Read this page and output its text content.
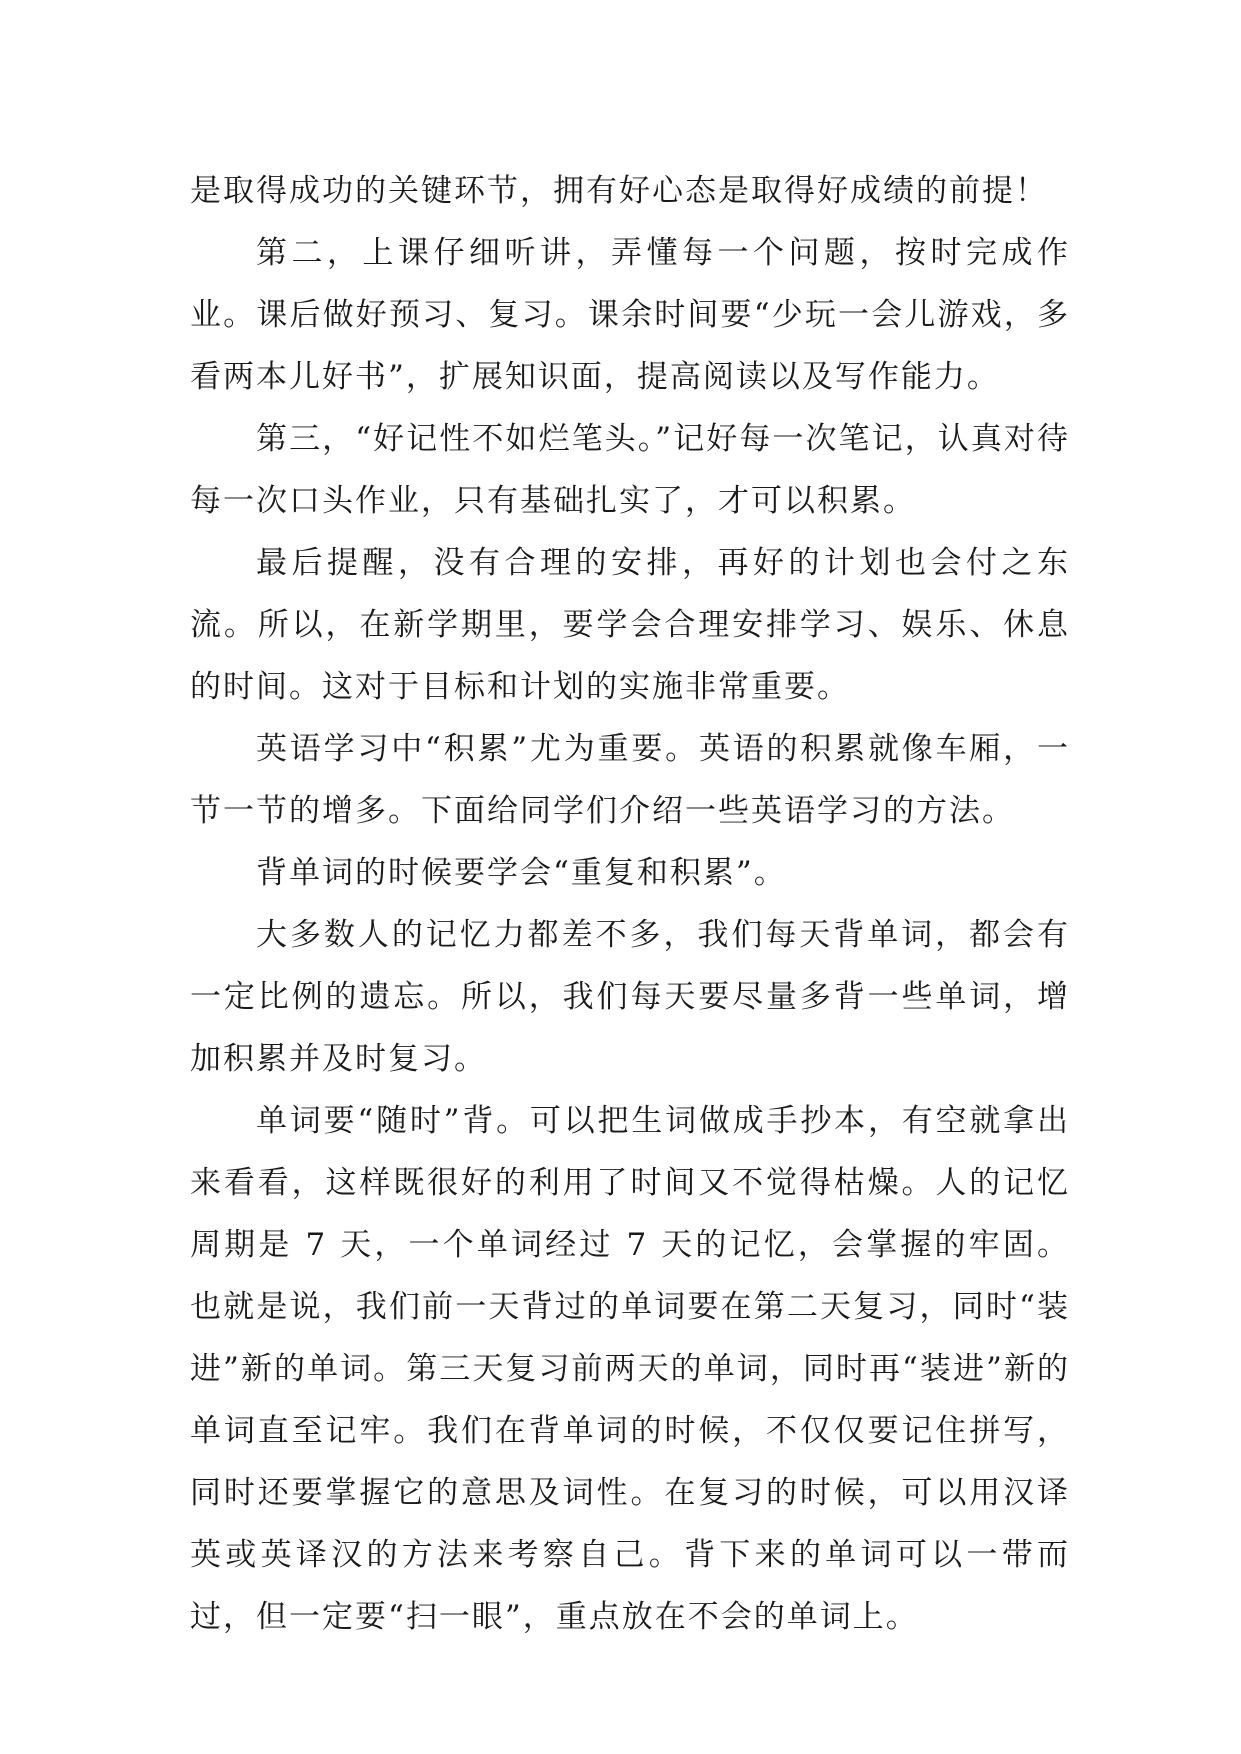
是取得成功的关键环节，拥有好心态是取得好成绩的前提！

第二，上课仔细听讲，弄懂每一个问题，按时完成作业。课后做好预习、复习。课余时间要“少玩一会儿游戏，多看两本儿好书”，扩展知识面，提高阅读以及写作能力。

第三，“好记性不如烂笔头。”记好每一次笔记，认真对待每一次口头作业，只有基础扎实了，才可以积累。

最后提醒，没有合理的安排，再好的计划也会付之东流。所以，在新学期里，要学会合理安排学习、娱乐、休息的时间。这对于目标和计划的实施非常重要。

英语学习中“积累”尤为重要。英语的积累就像车厢，一节一节的增多。下面给同学们介绍一些英语学习的方法。

背单词的时候要学会“重复和积累”。

大多数人的记忆力都差不多，我们每天背单词，都会有一定比例的遗忘。所以，我们每天要尽量多背一些单词，增加积累并及时复习。

单词要“随时”背。可以把生词做成手抄本，有空就拿出来看看，这样既很好的利用了时间又不觉得枯燥。人的记忆周期是 7 天，一个单词经过 7 天的记忆，会掌握的牢固。也就是说，我们前一天背过的单词要在第二天复习，同时“装进”新的单词。第三天复习前两天的单词，同时再“装进”新的单词直至记牢。我们在背单词的时候，不仅仅要记住拼写，同时还要掌握它的意思及词性。在复习的时候，可以用汉译英或英译汉的方法来考察自己。背下来的单词可以一带而过，但一定要“扫一眼”，重点放在不会的单词上。
